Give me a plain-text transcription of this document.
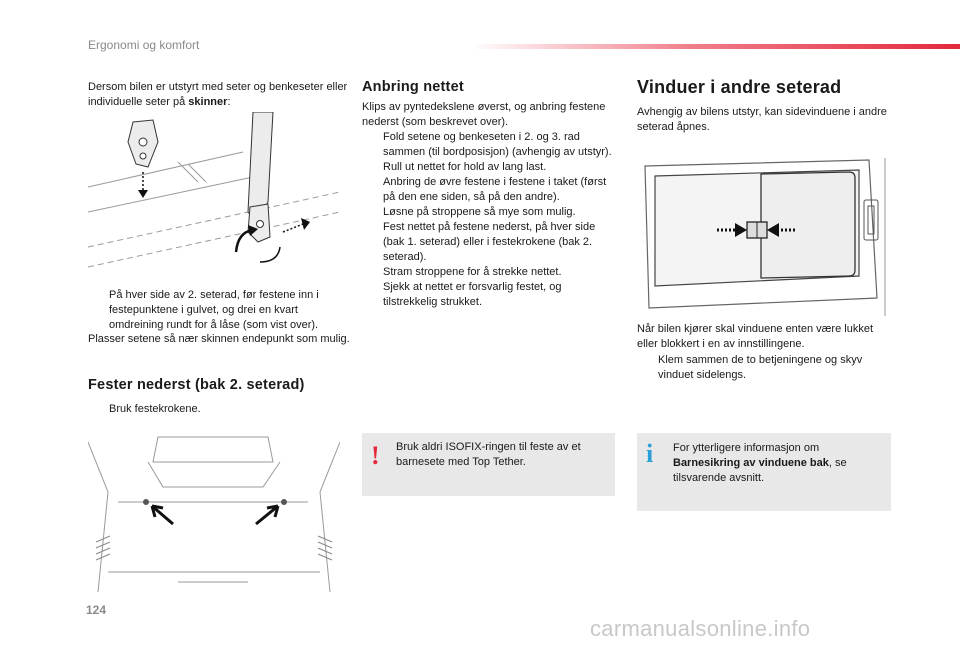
Ergonomi og komfort
Dersom bilen er utstyrt med seter og benkeseter eller individuelle seter på skinner:
På hver side av 2. seterad, før festene inn i festepunktene i gulvet, og drei en kvart omdreining rundt for å låse (som vist over).
Plasser setene så nær skinnen endepunkt som mulig.
Fester nederst (bak 2. seterad)
Bruk festekrokene.
Anbring nettet
Klips av pyntedekslene øverst, og anbring festene nederst (som beskrevet over).
Fold setene og benkeseten i 2. og 3. rad sammen (til bordposisjon) (avhengig av utstyr).
Rull ut nettet for hold av lang last.
Anbring de øvre festene i festene i taket (først på den ene siden, så på den andre).
Løsne på stroppene så mye som mulig.
Fest nettet på festene nederst, på hver side (bak 1. seterad) eller i festekrokene (bak 2. seterad).
Stram stroppene for å strekke nettet.
Sjekk at nettet er forsvarlig festet, og tilstrekkelig strukket.
! Bruk aldri ISOFIX-ringen til feste av et barnesete med Top Tether.
Vinduer i andre seterad
Avhengig av bilens utstyr, kan sidevinduene i andre seterad åpnes.
Når bilen kjører skal vinduene enten være lukket eller blokkert i en av innstillingene.
Klem sammen de to betjeningene og skyv vinduet sidelengs.
i For ytterligere informasjon om Barnesikring av vinduene bak, se tilsvarende avsnitt.
124
carmanualsonline.info
